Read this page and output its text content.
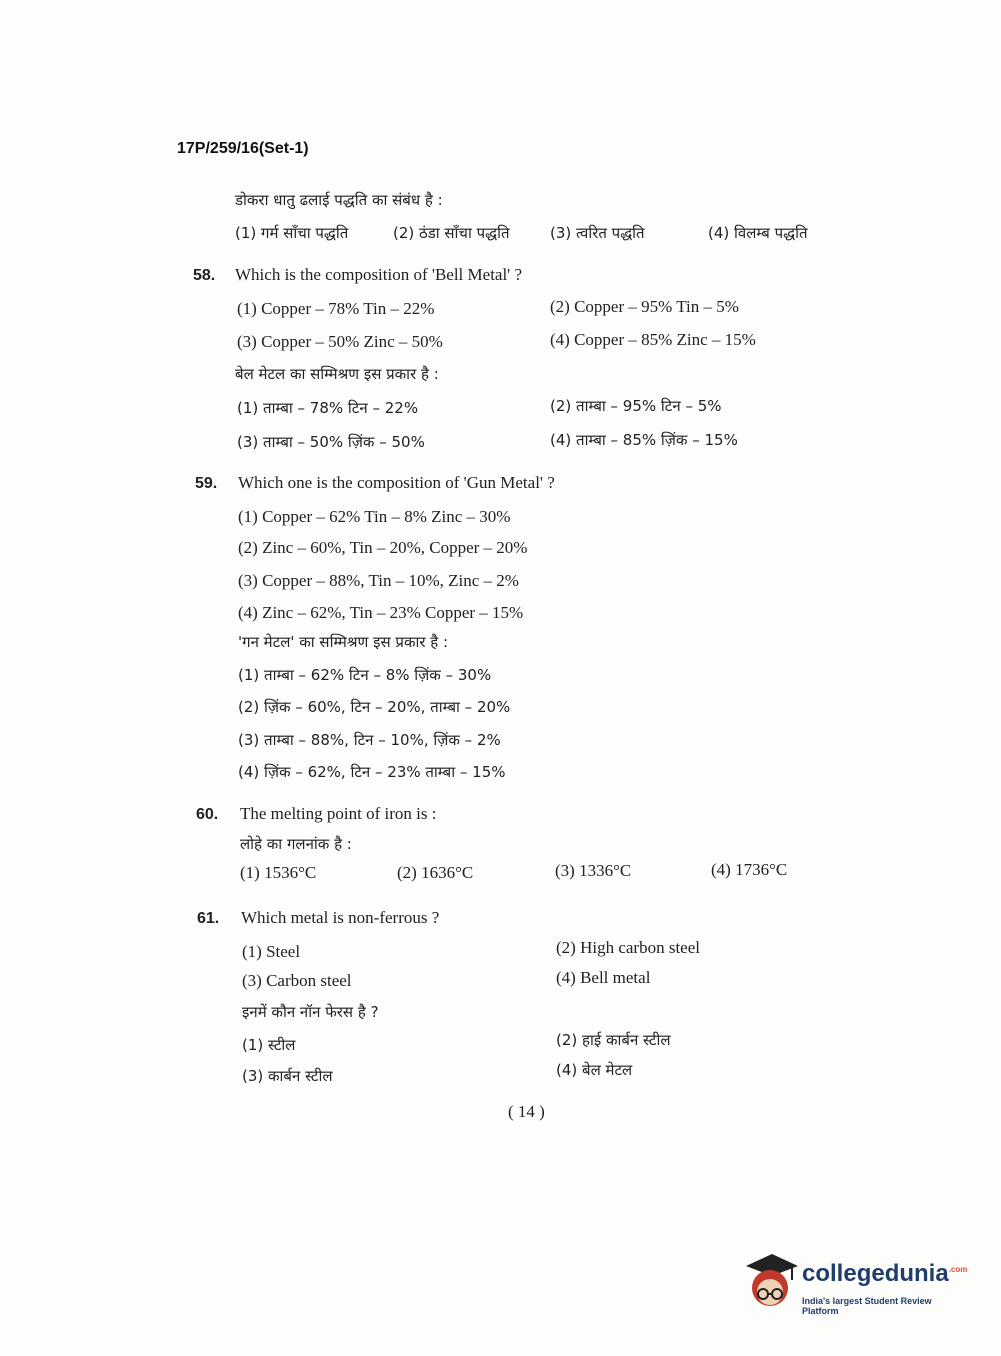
17P/259/16(Set-1)
डोकरा धातु ढलाई पद्धति का संबंध है :
(1) गर्म साँचा पद्धति	(2) ठंडा साँचा पद्धति	(3) त्वरित पद्धति	(4) विलम्ब पद्धति
58. Which is the composition of 'Bell Metal' ?
(1) Copper – 78% Tin – 22%	(2) Copper – 95% Tin – 5%
(3) Copper – 50% Zinc – 50%	(4) Copper – 85% Zinc – 15%
बेल मेटल का सम्मिश्रण इस प्रकार है :
(1) ताम्बा – 78% टिन – 22%	(2) ताम्बा – 95% टिन – 5%
(3) ताम्बा – 50% ज़िंक – 50%	(4) ताम्बा – 85% ज़िंक – 15%
59. Which one is the composition of 'Gun Metal' ?
(1) Copper – 62% Tin – 8% Zinc – 30%
(2) Zinc – 60%, Tin – 20%, Copper – 20%
(3) Copper – 88%, Tin – 10%, Zinc – 2%
(4) Zinc – 62%, Tin – 23% Copper – 15%
'गन मेटल' का सम्मिश्रण इस प्रकार है :
(1) ताम्बा – 62% टिन – 8% ज़िंक – 30%
(2) ज़िंक – 60%, टिन – 20%, ताम्बा – 20%
(3) ताम्बा – 88%, टिन – 10%, ज़िंक – 2%
(4) ज़िंक – 62%, टिन – 23% ताम्बा – 15%
60. The melting point of iron is :
लोहे का गलनांक है :
(1) 1536°C	(2) 1636°C	(3) 1336°C	(4) 1736°C
61. Which metal is non-ferrous ?
(1) Steel	(2) High carbon steel
(3) Carbon steel	(4) Bell metal
इनमें कौन नॉन फेरस है ?
(1) स्टील	(2) हाई कार्बन स्टील
(3) कार्बन स्टील	(4) बेल मेटल
( 14 )
collegedunia$^{.com}$
India's largest Student Review Platform
